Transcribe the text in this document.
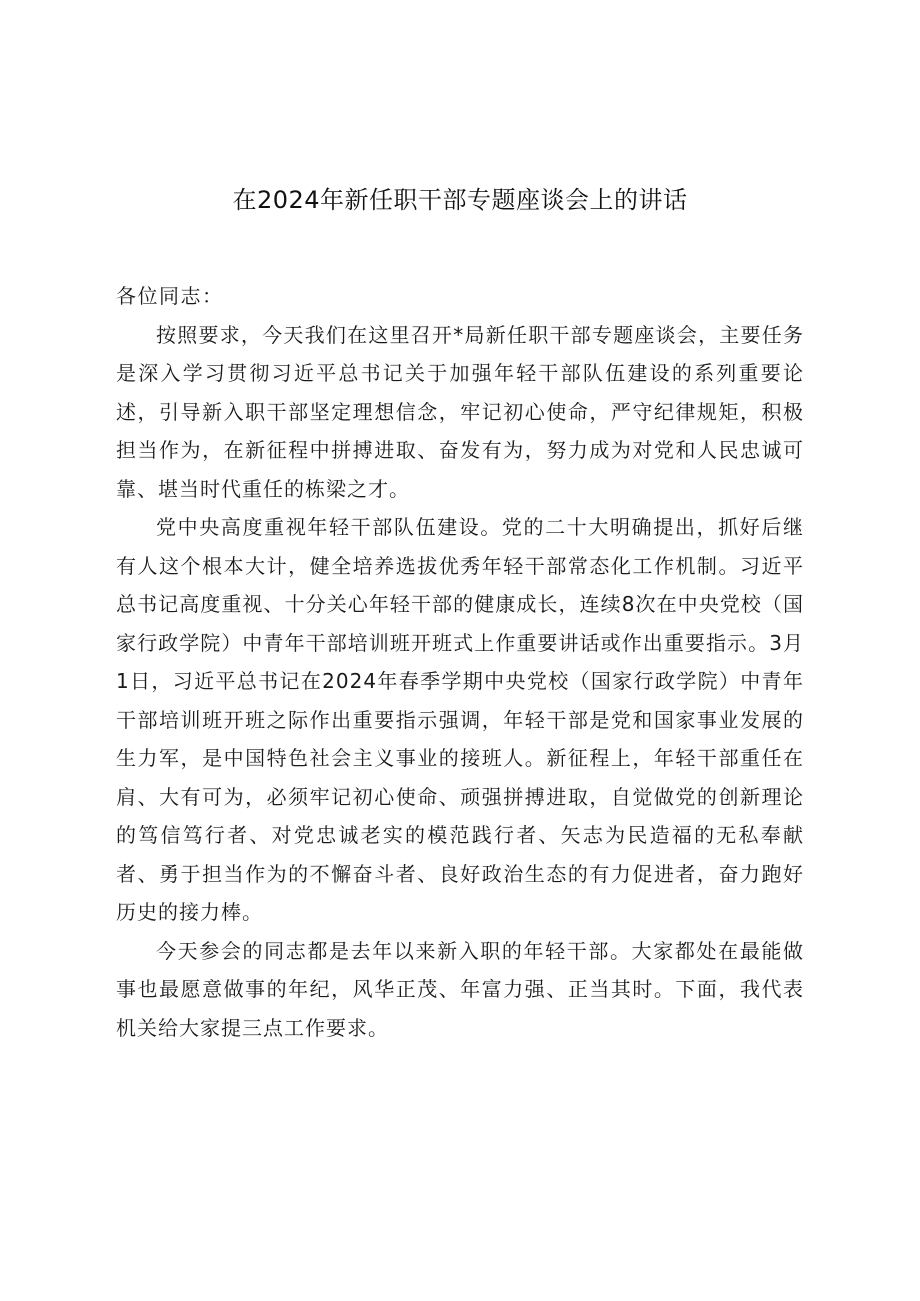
在2024年新任职干部专题座谈会上的讲话

各位同志：

按照要求，今天我们在这里召开*局新任职干部专题座谈会，主要任务是深入学习贯彻习近平总书记关于加强年轻干部队伍建设的系列重要论述，引导新入职干部坚定理想信念，牢记初心使命，严守纪律规矩，积极担当作为，在新征程中拼搏进取、奋发有为，努力成为对党和人民忠诚可靠、堪当时代重任的栋梁之才。

党中央高度重视年轻干部队伍建设。党的二十大明确提出，抓好后继有人这个根本大计，健全培养选拔优秀年轻干部常态化工作机制。习近平总书记高度重视、十分关心年轻干部的健康成长，连续8次在中央党校（国家行政学院）中青年干部培训班开班式上作重要讲话或作出重要指示。3月1日，习近平总书记在2024年春季学期中央党校（国家行政学院）中青年干部培训班开班之际作出重要指示强调，年轻干部是党和国家事业发展的生力军，是中国特色社会主义事业的接班人。新征程上，年轻干部重任在肩、大有可为，必须牢记初心使命、顽强拼搏进取，自觉做党的创新理论的笃信笃行者、对党忠诚老实的模范践行者、矢志为民造福的无私奉献者、勇于担当作为的不懈奋斗者、良好政治生态的有力促进者，奋力跑好历史的接力棒。

今天参会的同志都是去年以来新入职的年轻干部。大家都处在最能做事也最愿意做事的年纪，风华正茂、年富力强、正当其时。下面，我代表机关给大家提三点工作要求。
